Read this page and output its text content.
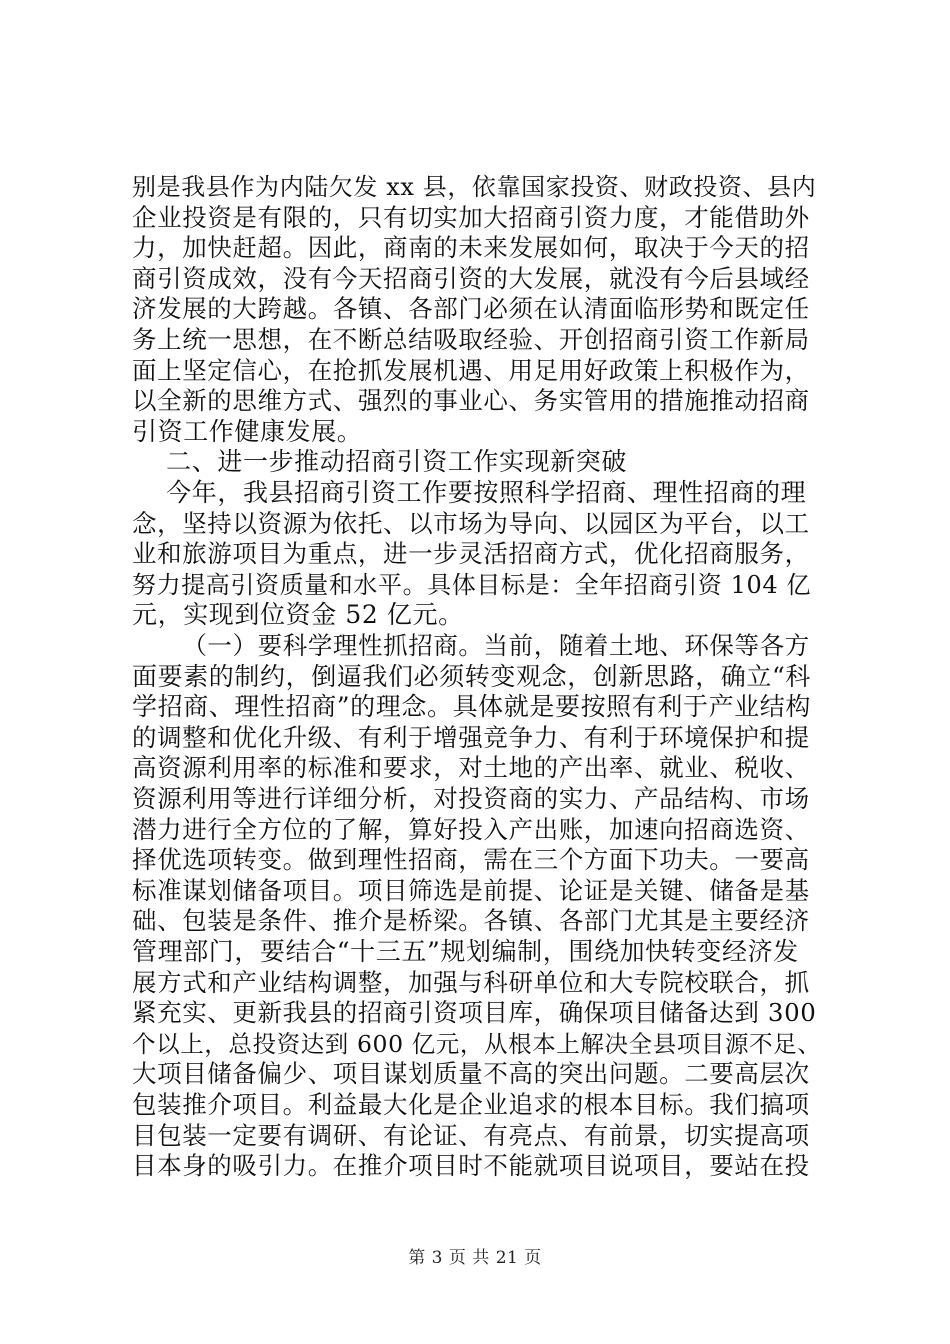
别是我县作为内陆欠发 xx 县，依靠国家投资、财政投资、县内
企业投资是有限的，只有切实加大招商引资力度，才能借助外
力，加快赶超。因此，商南的未来发展如何，取决于今天的招
商引资成效，没有今天招商引资的大发展，就没有今后县域经
济发展的大跨越。各镇、各部门必须在认清面临形势和既定任
务上统一思想，在不断总结吸取经验、开创招商引资工作新局
面上坚定信心，在抢抓发展机遇、用足用好政策上积极作为，
以全新的思维方式、强烈的事业心、务实管用的措施推动招商
引资工作健康发展。
二、进一步推动招商引资工作实现新突破
今年，我县招商引资工作要按照科学招商、理性招商的理
念，坚持以资源为依托、以市场为导向、以园区为平台，以工
业和旅游项目为重点，进一步灵活招商方式，优化招商服务，
努力提高引资质量和水平。具体目标是：全年招商引资 104 亿
元，实现到位资金 52 亿元。
（一）要科学理性抓招商。当前，随着土地、环保等各方
面要素的制约，倒逼我们必须转变观念，创新思路，确立“科
学招商、理性招商”的理念。具体就是要按照有利于产业结构
的调整和优化升级、有利于增强竞争力、有利于环境保护和提
高资源利用率的标准和要求，对土地的产出率、就业、税收、
资源利用等进行详细分析，对投资商的实力、产品结构、市场
潜力进行全方位的了解，算好投入产出账，加速向招商选资、
择优选项转变。做到理性招商，需在三个方面下功夫。一要高
标准谋划储备项目。项目筛选是前提、论证是关键、储备是基
础、包装是条件、推介是桥梁。各镇、各部门尤其是主要经济
管理部门，要结合“十三五”规划编制，围绕加快转变经济发
展方式和产业结构调整，加强与科研单位和大专院校联合，抓
紧充实、更新我县的招商引资项目库，确保项目储备达到 300
个以上，总投资达到 600 亿元，从根本上解决全县项目源不足、
大项目储备偏少、项目谋划质量不高的突出问题。二要高层次
包装推介项目。利益最大化是企业追求的根本目标。我们搞项
目包装一定要有调研、有论证、有亮点、有前景，切实提高项
目本身的吸引力。在推介项目时不能就项目说项目，要站在投
第 3 页 共 21 页
